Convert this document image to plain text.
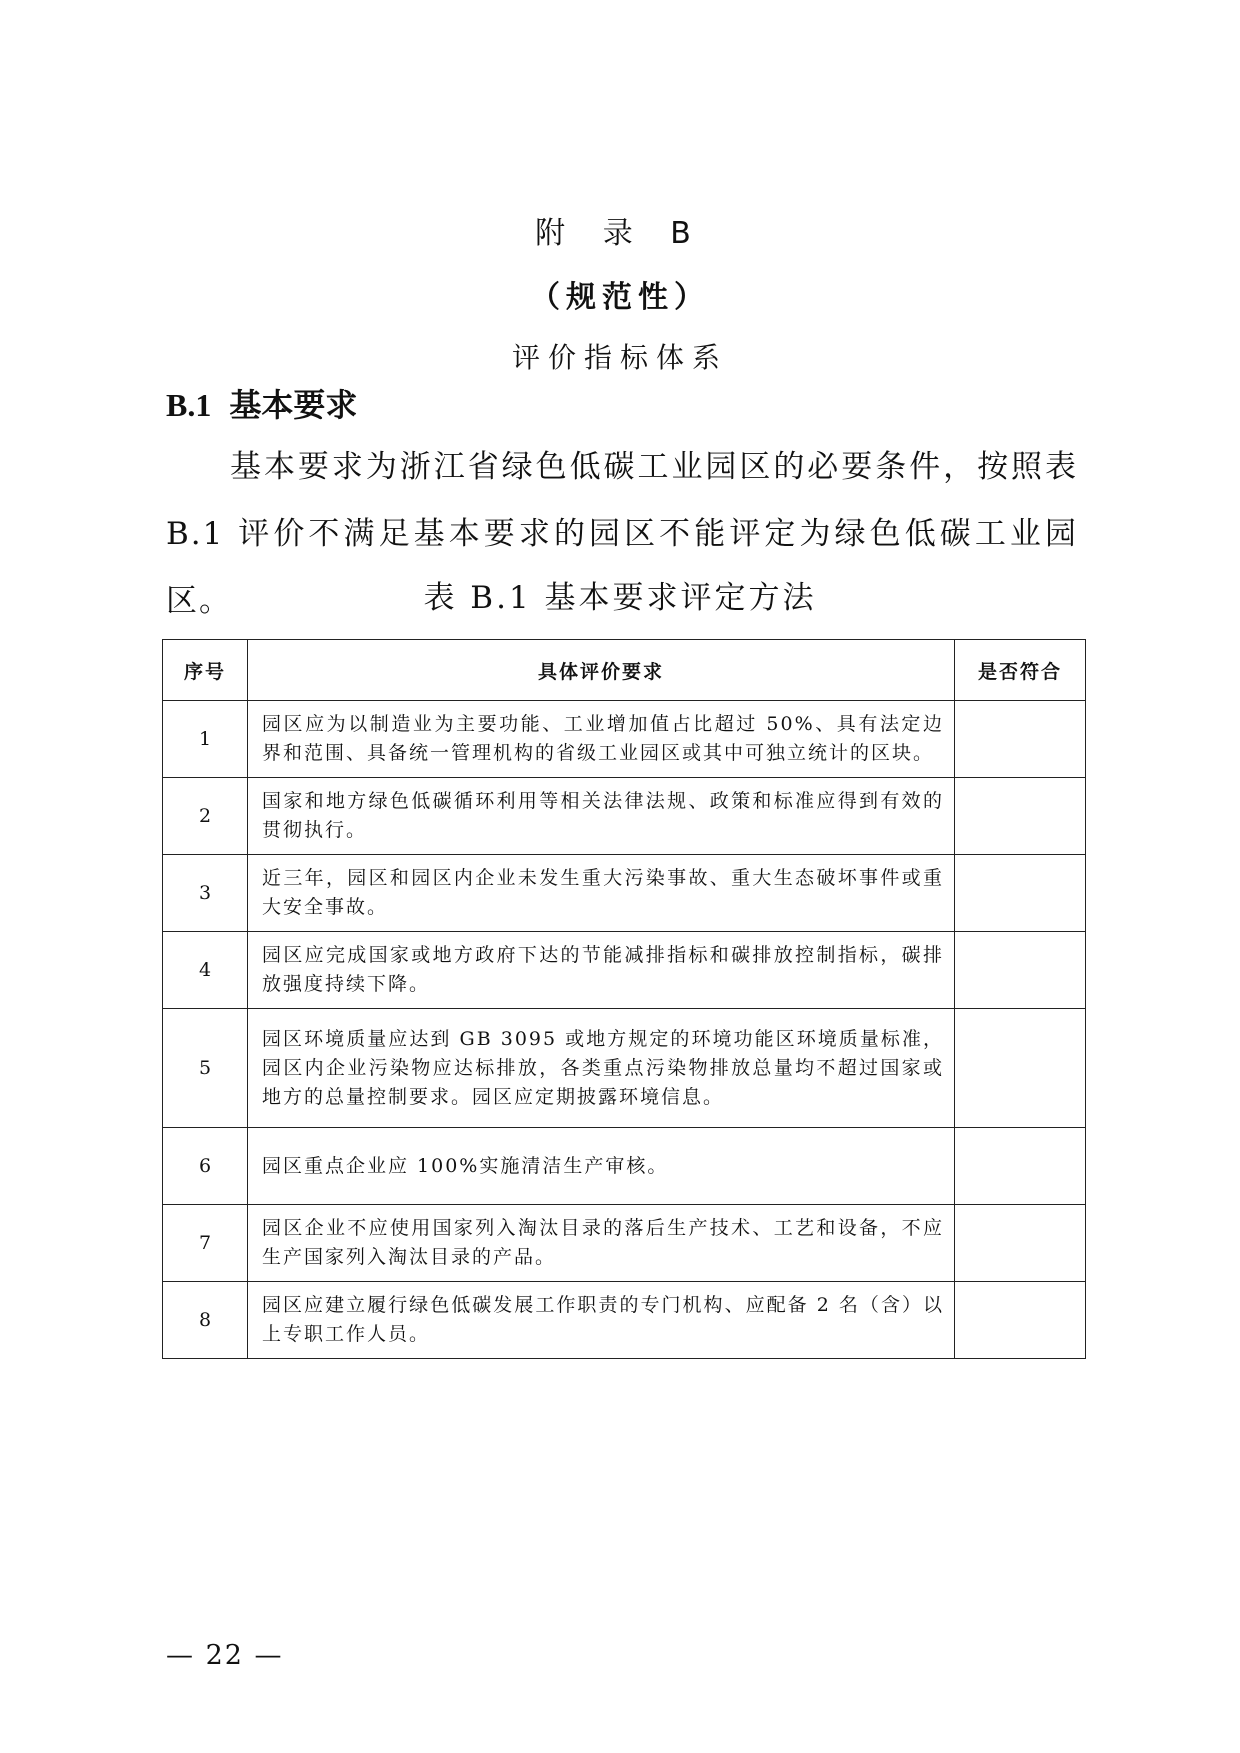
附 录 B
（规范性）
评价指标体系
B.1 基本要求
基本要求为浙江省绿色低碳工业园区的必要条件，按照表B.1 评价不满足基本要求的园区不能评定为绿色低碳工业园区。	表 B.1 基本要求评定方法
序号	具体评价要求	是否符合
1	园区应为以制造业为主要功能、工业增加值占比超过 50%、具有法定边界和范围、具备统一管理机构的省级工业园区或其中可独立统计的区块。	
2	国家和地方绿色低碳循环利用等相关法律法规、政策和标准应得到有效的贯彻执行。	
3	近三年，园区和园区内企业未发生重大污染事故、重大生态破坏事件或重大安全事故。	
4	园区应完成国家或地方政府下达的节能减排指标和碳排放控制指标，碳排放强度持续下降。	
5	园区环境质量应达到 GB 3095 或地方规定的环境功能区环境质量标准，园区内企业污染物应达标排放，各类重点污染物排放总量均不超过国家或地方的总量控制要求。园区应定期披露环境信息。	
6	园区重点企业应 100%实施清洁生产审核。	
7	园区企业不应使用国家列入淘汰目录的落后生产技术、工艺和设备，不应生产国家列入淘汰目录的产品。	
8	园区应建立履行绿色低碳发展工作职责的专门机构、应配备 2 名（含）以上专职工作人员。	
— 22 —
